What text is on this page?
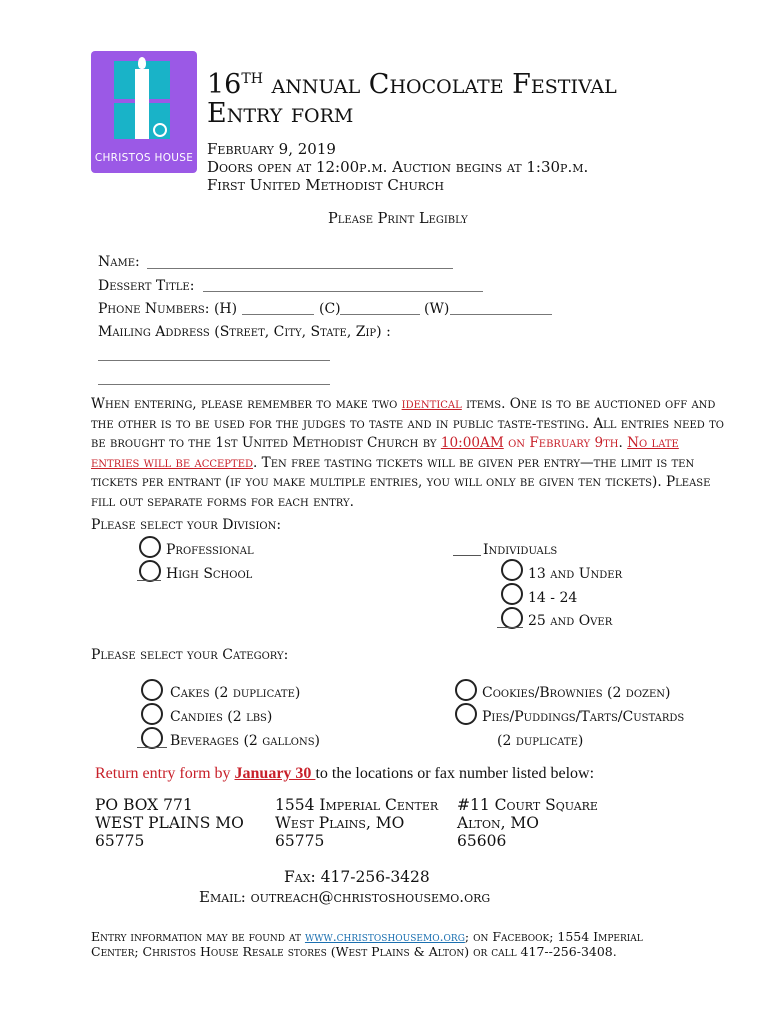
CHRISTOS HOUSE
16TH annual Chocolate Festival
Entry form
February 9, 2019
Doors open at 12:00p.m. Auction begins at 1:30p.m.
First United Methodist Church
Please Print Legibly
Name:
Dessert Title:
Phone Numbers: (H)	(C)	(W)
Mailing Address (Street, City, State, Zip) :
When entering, please remember to make two identical items. One is to be auctioned off and the other is to be used for the judges to taste and in public taste-testing. All entries need to be brought to the 1st United Methodist Church by 10:00AM on February 9th. No late entries will be accepted. Ten free tasting tickets will be given per entry—the limit is ten tickets per entrant (if you make multiple entries, you will only be given ten tickets). Please fill out separate forms for each entry.
Please select your Division:
Professional
High School
Individuals
13 and Under
14 - 24
25 and Over
Please select your Category:
Cakes (2 duplicate)
Candies (2 lbs)
Beverages (2 gallons)
Cookies/Brownies (2 dozen)
Pies/Puddings/Tarts/Custards
(2 duplicate)
Return entry form by January 30 to the locations or fax number listed below:
PO BOX 771
WEST PLAINS MO
65775
1554 Imperial Center
West Plains, MO
65775
#11 Court Square
Alton, MO
65606
Fax: 417-256-3428
Email: outreach@christoshousemo.org
Entry information may be found at www.christoshousemo.org; on Facebook; 1554 Imperial
Center; Christos House Resale stores (West Plains & Alton) or call 417--256-3408.
